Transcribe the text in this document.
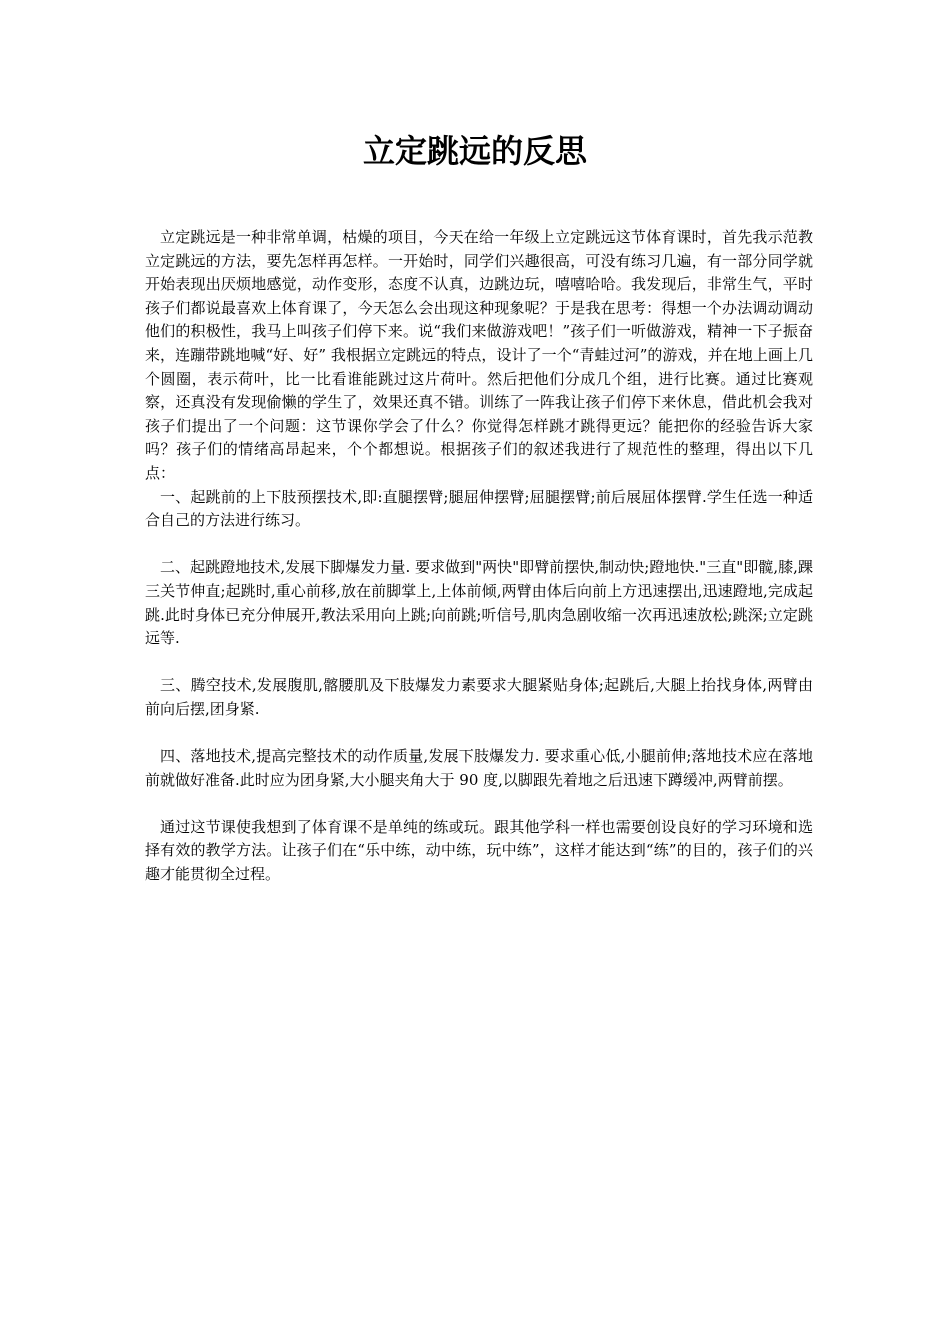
立定跳远的反思

立定跳远是一种非常单调，枯燥的项目，今天在给一年级上立定跳远这节体育课时，首先我示范教立定跳远的方法，要先怎样再怎样。一开始时，同学们兴趣很高，可没有练习几遍，有一部分同学就开始表现出厌烦地感觉，动作变形，态度不认真，边跳边玩，嘻嘻哈哈。我发现后，非常生气，平时孩子们都说最喜欢上体育课了，今天怎么会出现这种现象呢？于是我在思考：得想一个办法调动调动他们的积极性，我马上叫孩子们停下来。说“我们来做游戏吧！”孩子们一听做游戏，精神一下子振奋来，连蹦带跳地喊“好、好” 我根据立定跳远的特点，设计了一个“青蛙过河”的游戏，并在地上画上几个圆圈，表示荷叶，比一比看谁能跳过这片荷叶。然后把他们分成几个组，进行比赛。通过比赛观察，还真没有发现偷懒的学生了，效果还真不错。训练了一阵我让孩子们停下来休息，借此机会我对孩子们提出了一个问题：这节课你学会了什么？你觉得怎样跳才跳得更远？能把你的经验告诉大家吗？孩子们的情绪高昂起来，个个都想说。根据孩子们的叙述我进行了规范性的整理，得出以下几点：

一、起跳前的上下肢预摆技术,即:直腿摆臂;腿屈伸摆臂;屈腿摆臂;前后展屈体摆臂.学生任选一种适合自己的方法进行练习。

二、起跳蹬地技术,发展下脚爆发力量. 要求做到"两快"即臂前摆快,制动快;蹬地快."三直"即髋,膝,踝三关节伸直;起跳时,重心前移,放在前脚掌上,上体前倾,两臂由体后向前上方迅速摆出,迅速蹬地,完成起跳.此时身体已充分伸展开,教法采用向上跳;向前跳;听信号,肌肉急剧收缩一次再迅速放松;跳深;立定跳远等.

三、腾空技术,发展腹肌,髂腰肌及下肢爆发力素要求大腿紧贴身体;起跳后,大腿上抬找身体,两臂由前向后摆,团身紧.

四、落地技术,提高完整技术的动作质量,发展下肢爆发力. 要求重心低,小腿前伸;落地技术应在落地前就做好准备.此时应为团身紧,大小腿夹角大于 90 度,以脚跟先着地之后迅速下蹲缓冲,两臂前摆。

通过这节课使我想到了体育课不是单纯的练或玩。跟其他学科一样也需要创设良好的学习环境和选择有效的教学方法。让孩子们在“乐中练，动中练，玩中练”，这样才能达到“练”的目的，孩子们的兴趣才能贯彻全过程。
